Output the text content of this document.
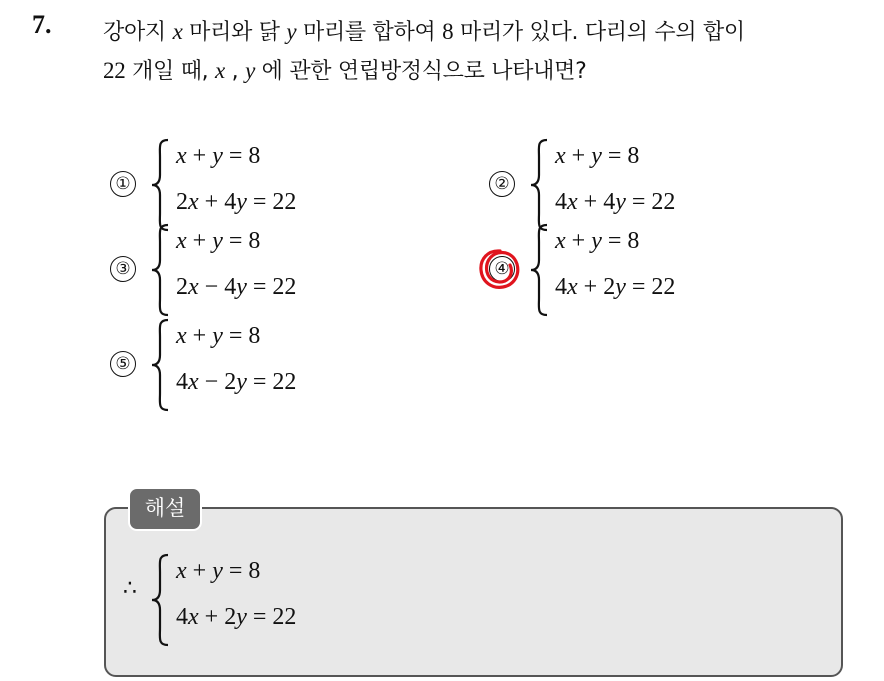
7. 강아지 x 마리와 닭 y 마리를 합하여 8 마리가 있다. 다리의 수의 합이
22 개일 때, x , y 에 관한 연립방정식으로 나타내면?
①
x + y = 8
2x + 4y = 22
②
x + y = 8
4x + 4y = 22
③
x + y = 8
2x − 4y = 22
④
x + y = 8
4x + 2y = 22
⑤
x + y = 8
4x − 2y = 22
해설
∴
x + y = 8
4x + 2y = 22
